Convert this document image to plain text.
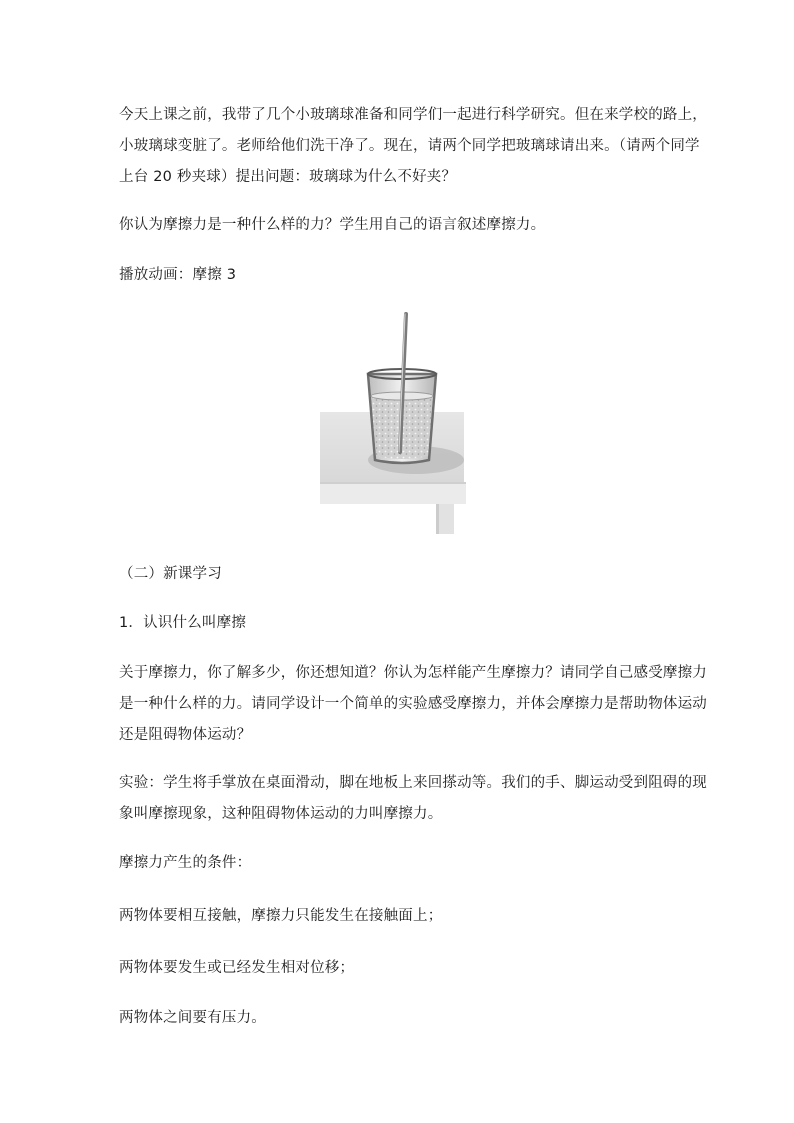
今天上课之前，我带了几个小玻璃球准备和同学们一起进行科学研究。但在来学校的路上，
小玻璃球变脏了。老师给他们洗干净了。现在，请两个同学把玻璃球请出来。（请两个同学
上台 20 秒夹球）提出问题：玻璃球为什么不好夹？

你认为摩擦力是一种什么样的力？学生用自己的语言叙述摩擦力。

播放动画：摩擦 3

（二）新课学习

1．认识什么叫摩擦

关于摩擦力，你了解多少，你还想知道？你认为怎样能产生摩擦力？请同学自己感受摩擦力
是一种什么样的力。请同学设计一个简单的实验感受摩擦力，并体会摩擦力是帮助物体运动
还是阻碍物体运动？

实验：学生将手掌放在桌面滑动，脚在地板上来回搽动等。我们的手、脚运动受到阻碍的现
象叫摩擦现象，这种阻碍物体运动的力叫摩擦力。

摩擦力产生的条件：

两物体要相互接触，摩擦力只能发生在接触面上；

两物体要发生或已经发生相对位移；

两物体之间要有压力。
